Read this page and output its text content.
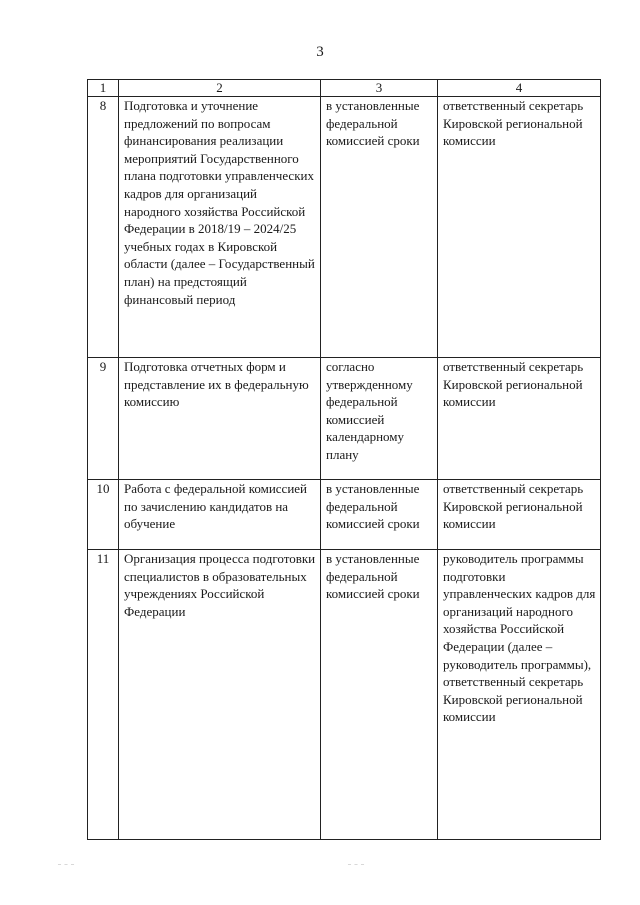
3
1	2	3	4
8	Подготовка и уточнение предложений по вопросам финансирования реализации мероприятий Государственного плана подготовки управленческих кадров для организаций народного хозяйства Российской Федерации в 2018/19 – 2024/25 учебных годах в Кировской области (далее – Государственный план) на предстоящий финансовый период	в установленные федеральной комиссией сроки	ответственный секретарь Кировской региональной комиссии

9	Подготовка отчетных форм и представление их в федеральную комиссию	согласно утвержденному федеральной комиссией календарному плану	ответственный секретарь Кировской региональной комиссии

10	Работа с федеральной комиссией по зачислению кандидатов на обучение	в установленные федеральной комиссией сроки	ответственный секретарь Кировской региональной комиссии

11	Организация процесса подготовки специалистов в образовательных учреждениях Российской Федерации	в установленные федеральной комиссией сроки	руководитель программы подготовки управленческих кадров для организаций народного хозяйства Российской Федерации (далее – руководитель программы), ответственный секретарь Кировской региональной комиссии
– – –	– – –
